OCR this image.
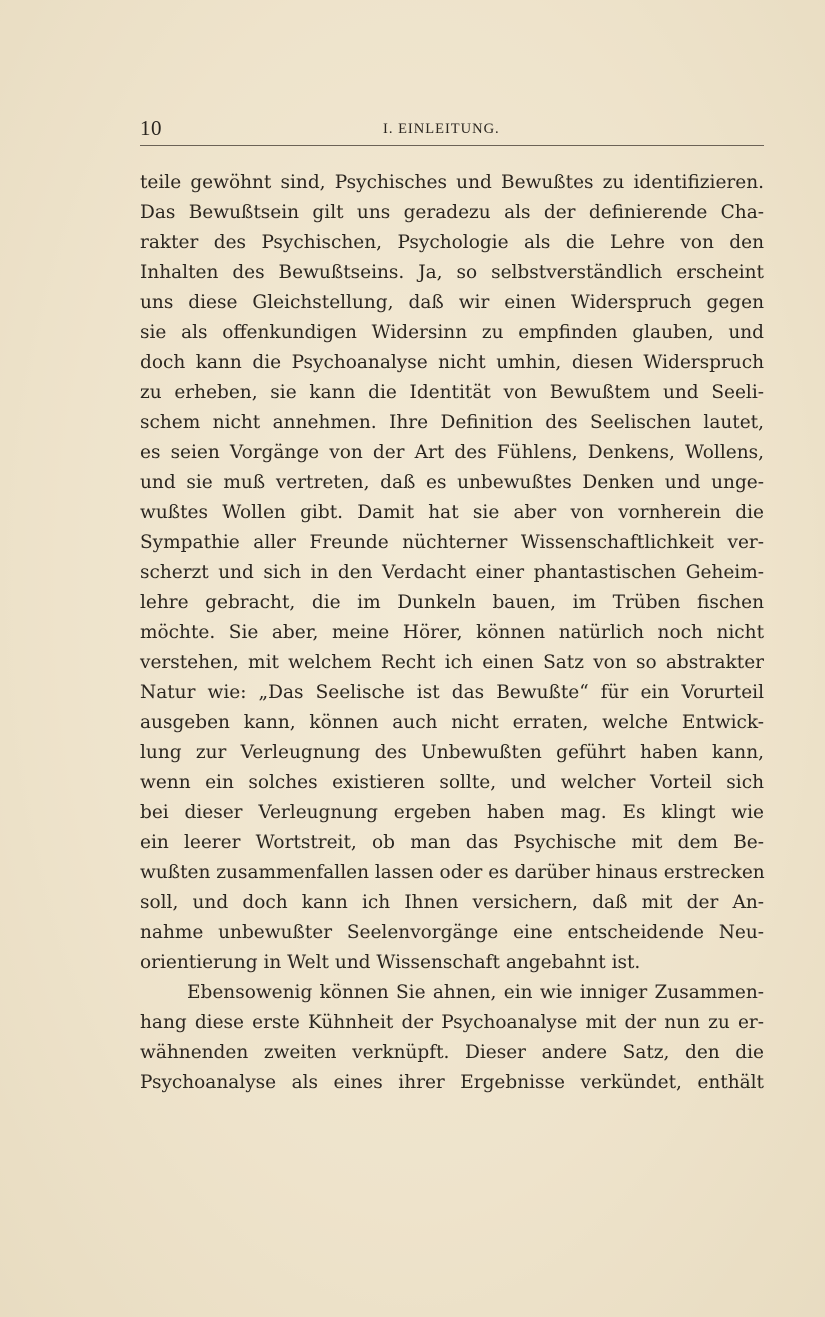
10	I. EINLEITUNG.
teile gewöhnt sind, Psychisches und Bewußtes zu identifizieren.
Das Bewußtsein gilt uns geradezu als der definierende Cha-
rakter des Psychischen, Psychologie als die Lehre von den
Inhalten des Bewußtseins. Ja, so selbstverständlich erscheint
uns diese Gleichstellung, daß wir einen Widerspruch gegen
sie als offenkundigen Widersinn zu empfinden glauben, und
doch kann die Psychoanalyse nicht umhin, diesen Widerspruch
zu erheben, sie kann die Identität von Bewußtem und Seeli-
schem nicht annehmen. Ihre Definition des Seelischen lautet,
es seien Vorgänge von der Art des Fühlens, Denkens, Wollens,
und sie muß vertreten, daß es unbewußtes Denken und unge-
wußtes Wollen gibt. Damit hat sie aber von vornherein die
Sympathie aller Freunde nüchterner Wissenschaftlichkeit ver-
scherzt und sich in den Verdacht einer phantastischen Geheim-
lehre gebracht, die im Dunkeln bauen, im Trüben fischen
möchte. Sie aber, meine Hörer, können natürlich noch nicht
verstehen, mit welchem Recht ich einen Satz von so abstrakter
Natur wie: „Das Seelische ist das Bewußte“ für ein Vorurteil
ausgeben kann, können auch nicht erraten, welche Entwick-
lung zur Verleugnung des Unbewußten geführt haben kann,
wenn ein solches existieren sollte, und welcher Vorteil sich
bei dieser Verleugnung ergeben haben mag. Es klingt wie
ein leerer Wortstreit, ob man das Psychische mit dem Be-
wußten zusammenfallen lassen oder es darüber hinaus erstrecken
soll, und doch kann ich Ihnen versichern, daß mit der An-
nahme unbewußter Seelenvorgänge eine entscheidende Neu-
orientierung in Welt und Wissenschaft angebahnt ist.
Ebensowenig können Sie ahnen, ein wie inniger Zusammen-
hang diese erste Kühnheit der Psychoanalyse mit der nun zu er-
wähnenden zweiten verknüpft. Dieser andere Satz, den die
Psychoanalyse als eines ihrer Ergebnisse verkündet, enthält
